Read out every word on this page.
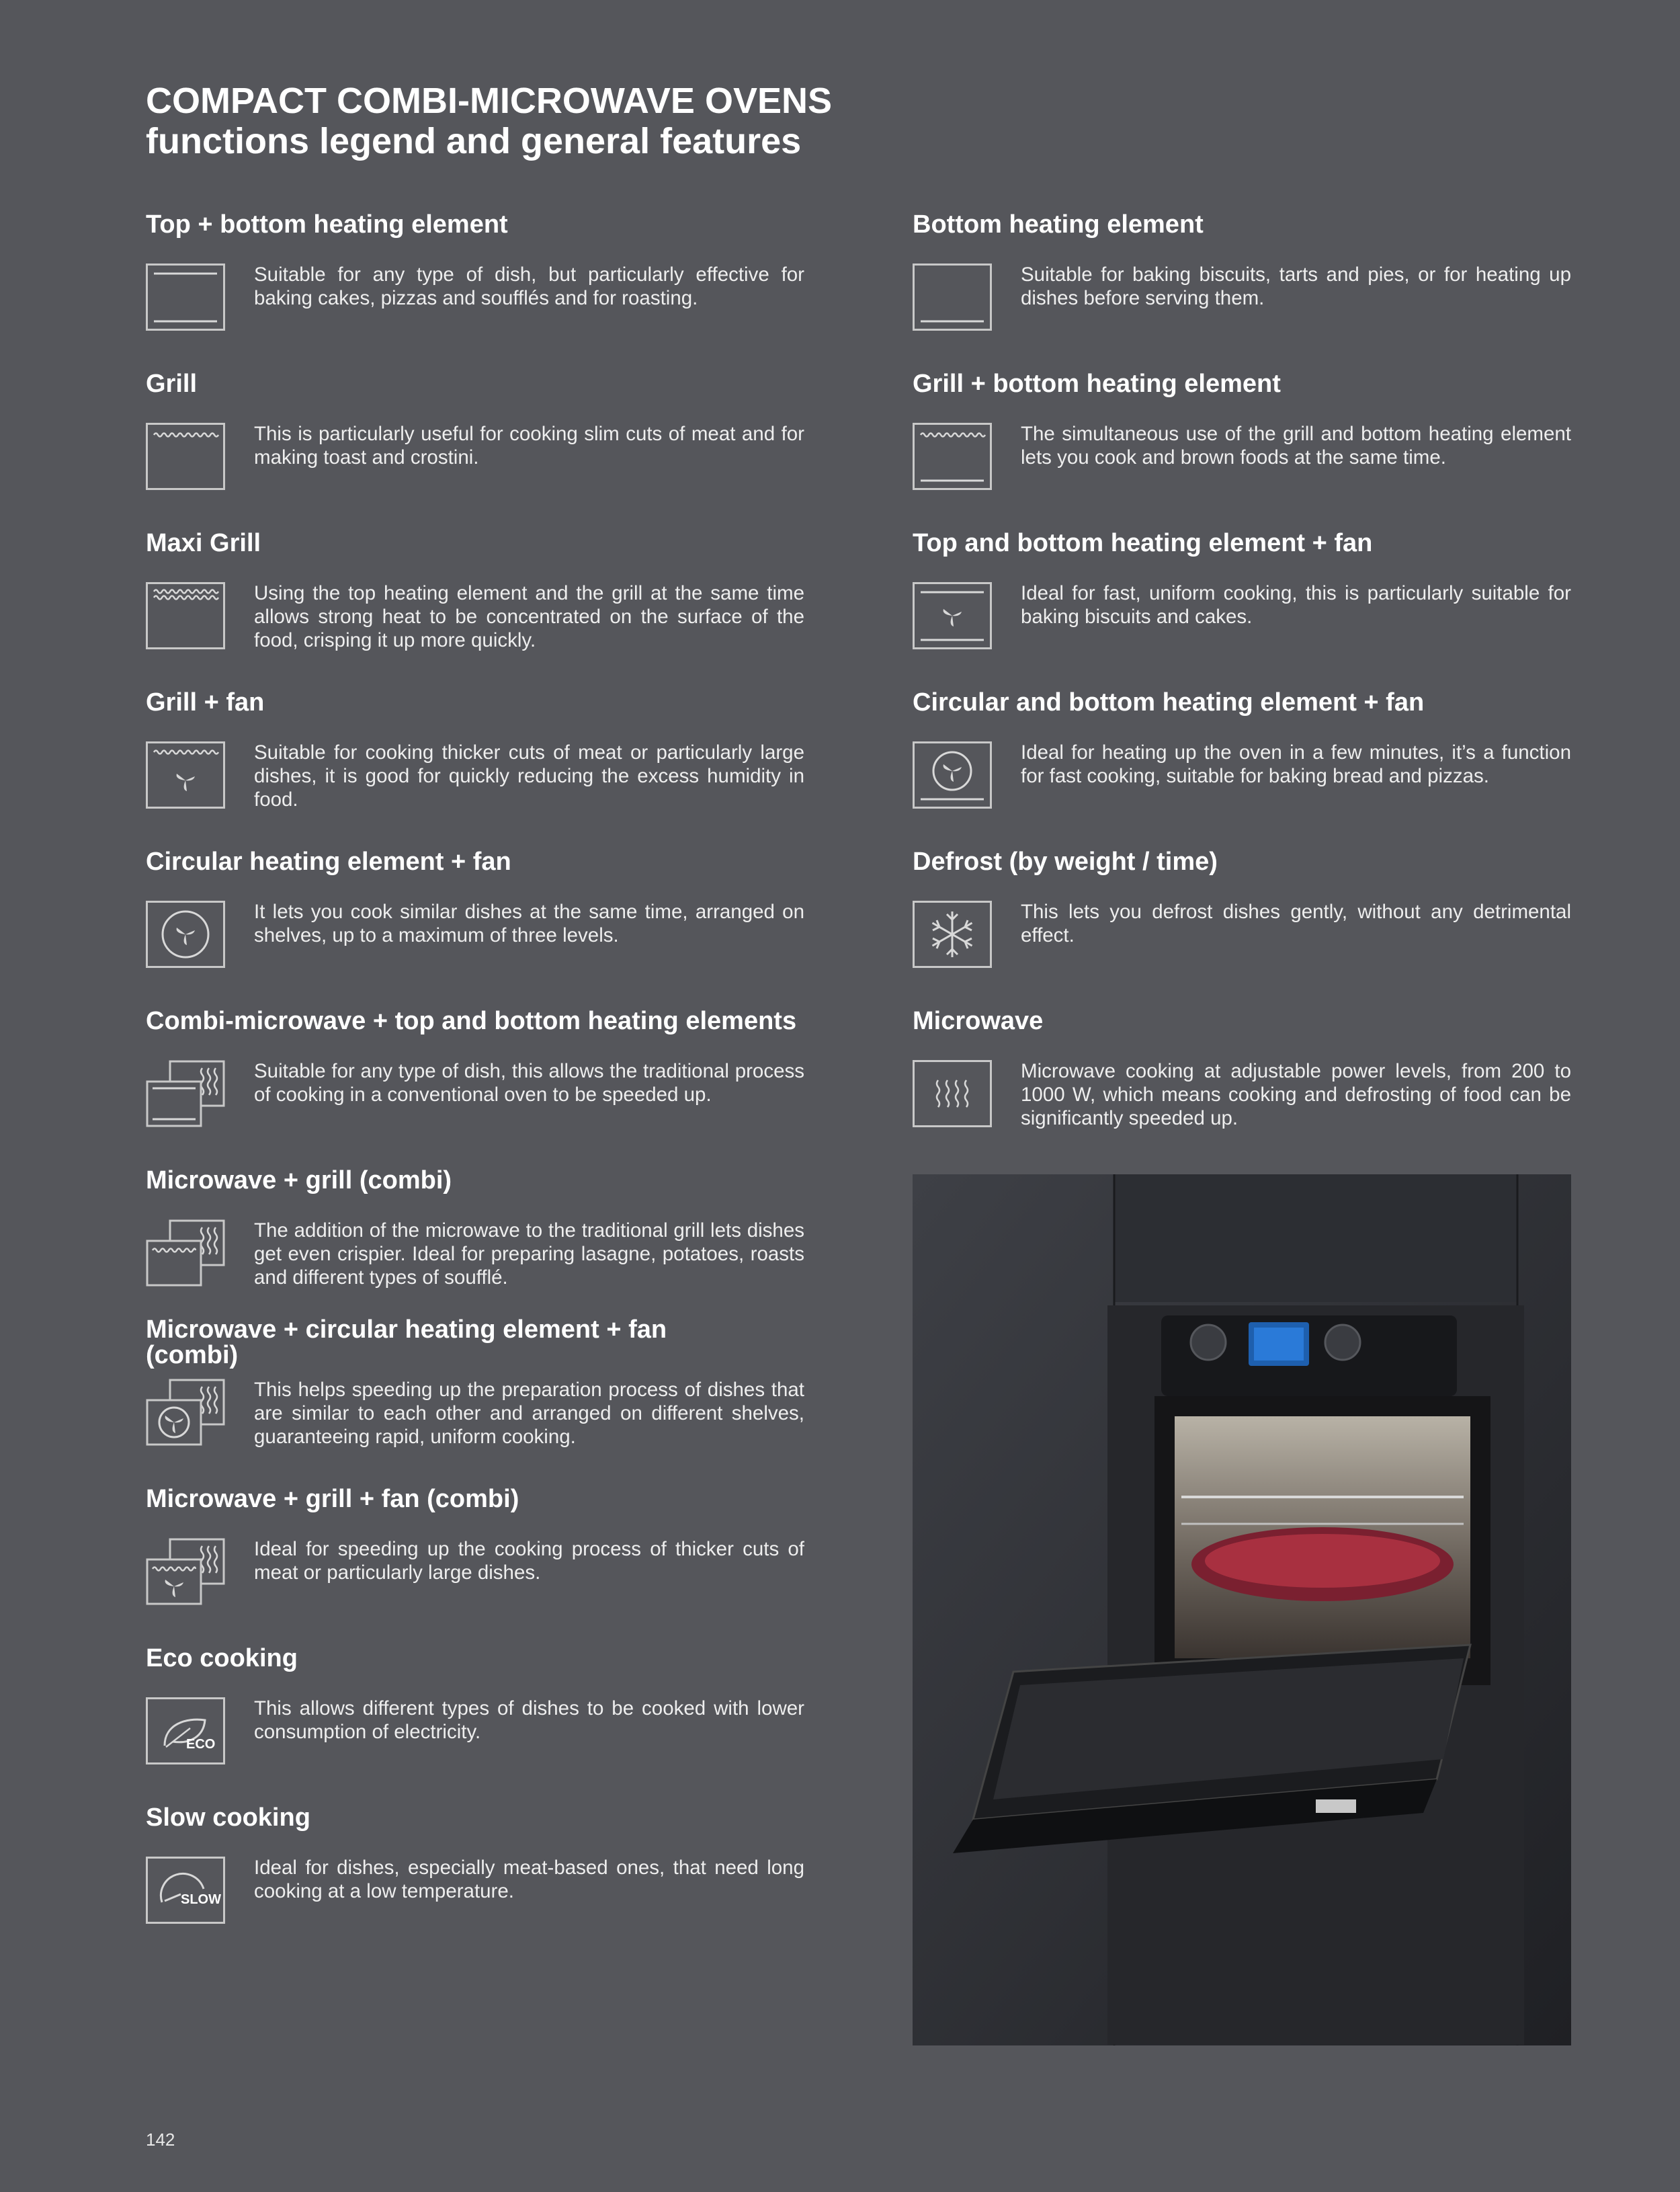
COMPACT COMBI-MICROWAVE OVENS
functions legend and general features
Top + bottom heating element

Suitable for any type of dish, but particularly effective for baking cakes, pizzas and soufflés and for roasting.

Grill

This is particularly useful for cooking slim cuts of meat and for making toast and crostini.

Maxi Grill

Using the top heating element and the grill at the same time allows strong heat to be concentrated on the surface of the food, crisping it up more quickly.

Grill + fan

Suitable for cooking thicker cuts of meat or particularly large dishes, it is good for quickly reducing the excess humidity in food.

Circular heating element + fan

It lets you cook similar dishes at the same time, arranged on shelves, up to a maximum of three levels.

Combi-microwave + top and bottom heating elements

Suitable for any type of dish, this allows the traditional process of cooking in a conventional oven to be speeded up.

Microwave + grill (combi)

The addition of the microwave to the traditional grill lets dishes get even crispier. Ideal for preparing lasagne, potatoes, roasts and different types of soufflé.

Microwave + circular heating element + fan (combi)

This helps speeding up the preparation process of dishes that are similar to each other and arranged on different shelves, guaranteeing rapid, uniform cooking.

Microwave + grill + fan (combi)

Ideal for speeding up the cooking process of thicker cuts of meat or particularly large dishes.

Eco cooking
ECO

This allows different types of dishes to be cooked with lower consumption of electricity.

Slow cooking
SLOW

Ideal for dishes, especially meat-based ones, that need long cooking at a low temperature.

Bottom heating element

Suitable for baking biscuits, tarts and pies, or for heating up dishes before serving them.

Grill + bottom heating element

The simultaneous use of the grill and bottom heating element lets you cook and brown foods at the same time.

Top and bottom heating element + fan

Ideal for fast, uniform cooking, this is particularly suitable for baking biscuits and cakes.

Circular and bottom heating element + fan

Ideal for heating up the oven in a few minutes, it’s a function for fast cooking, suitable for baking bread and pizzas.

Defrost (by weight / time)

This lets you defrost dishes gently, without any detrimental effect.

Microwave

Microwave cooking at adjustable power levels, from 200 to 1000 W, which means cooking and defrosting of food can be significantly speeded up.

142
